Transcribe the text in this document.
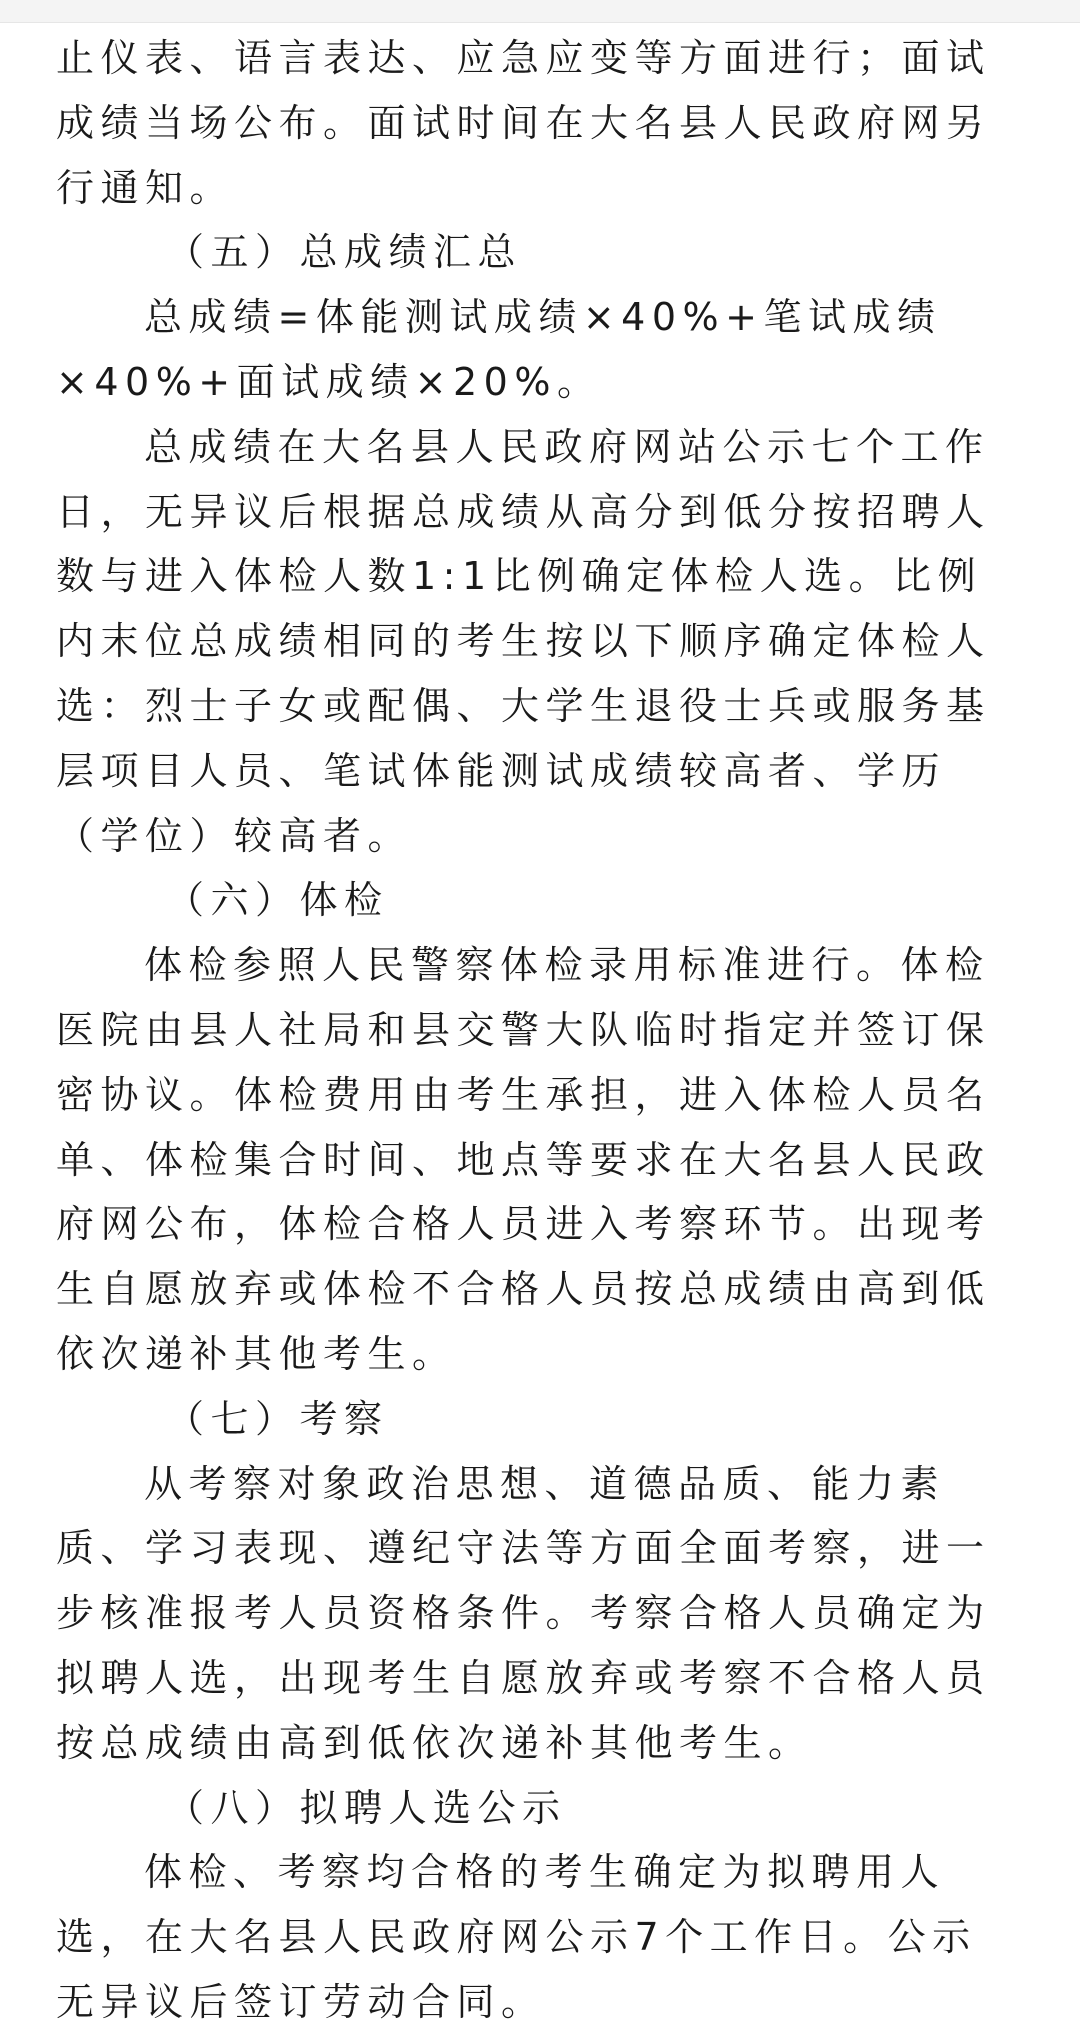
止仪表、语言表达、应急应变等方面进行；面试
成绩当场公布。面试时间在大名县人民政府网另
行通知。
（五）总成绩汇总
总成绩=体能测试成绩×40%+笔试成绩
×40%+面试成绩×20%。
总成绩在大名县人民政府网站公示七个工作
日，无异议后根据总成绩从高分到低分按招聘人
数与进入体检人数1:1比例确定体检人选。比例
内末位总成绩相同的考生按以下顺序确定体检人
选：烈士子女或配偶、大学生退役士兵或服务基
层项目人员、笔试体能测试成绩较高者、学历
（学位）较高者。
（六）体检
体检参照人民警察体检录用标准进行。体检
医院由县人社局和县交警大队临时指定并签订保
密协议。体检费用由考生承担，进入体检人员名
单、体检集合时间、地点等要求在大名县人民政
府网公布，体检合格人员进入考察环节。出现考
生自愿放弃或体检不合格人员按总成绩由高到低
依次递补其他考生。
（七）考察
从考察对象政治思想、道德品质、能力素
质、学习表现、遵纪守法等方面全面考察，进一
步核准报考人员资格条件。考察合格人员确定为
拟聘人选，出现考生自愿放弃或考察不合格人员
按总成绩由高到低依次递补其他考生。
（八）拟聘人选公示
体检、考察均合格的考生确定为拟聘用人
选，在大名县人民政府网公示7个工作日。公示
无异议后签订劳动合同。
